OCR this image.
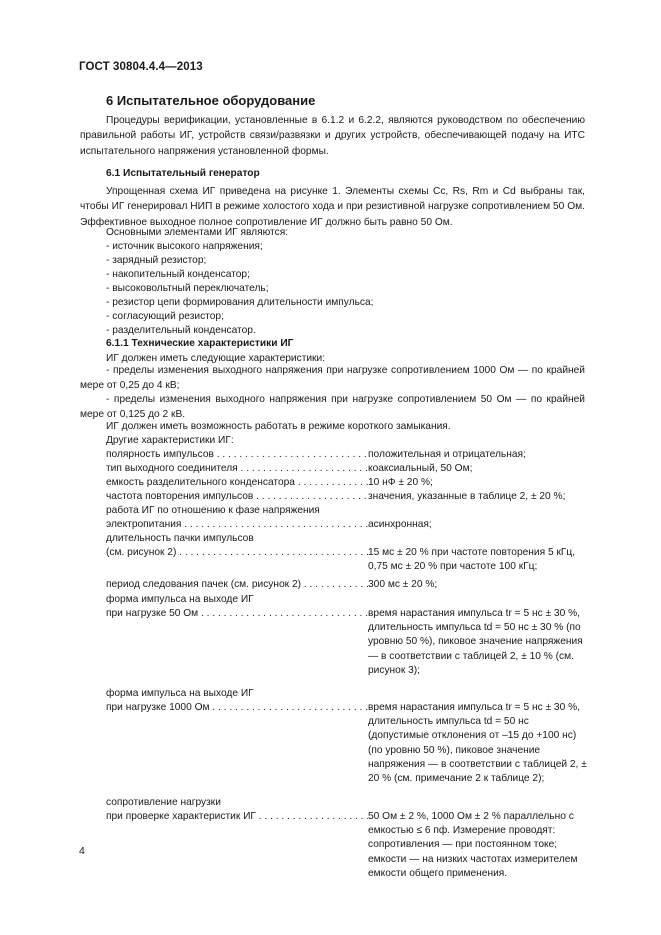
ГОСТ 30804.4.4—2013
6 Испытательное оборудование
Процедуры верификации, установленные в 6.1.2 и 6.2.2, являются руководством по обеспечению правильной работы ИГ, устройств связи/развязки и других устройств, обеспечивающей подачу на ИТС испытательного напряжения установленной формы.
6.1 Испытательный генератор
Упрощенная схема ИГ приведена на рисунке 1. Элементы схемы Cc, Rs, Rm и Cd выбраны так, чтобы ИГ генерировал НИП в режиме холостого хода и при резистивной нагрузке сопротивлением 50 Ом. Эффективное выходное полное сопротивление ИГ должно быть равно 50 Ом.
Основными элементами ИГ являются:
- источник высокого напряжения;
- зарядный резистор;
- накопительный конденсатор;
- высоковольтный переключатель;
- резистор цепи формирования длительности импульса;
- согласующий резистор;
- разделительный конденсатор.
6.1.1 Технические характеристики ИГ
ИГ должен иметь следующие характеристики:
- пределы изменения выходного напряжения при нагрузке сопротивлением 1000 Ом — по крайней мере от 0,25 до 4 кВ;
- пределы изменения выходного напряжения при нагрузке сопротивлением 50 Ом — по крайней мере от 0,125 до 2 кВ.
ИГ должен иметь возможность работать в режиме короткого замыкания.
Другие характеристики ИГ:
полярность импульсов . . .	положительная и отрицательная;
тип выходного соединителя . . .	коаксиальный, 50 Ом;
емкость разделительного конденсатора . . .	10 нФ ± 20 %;
частота повторения импульсов . . .	значения, указанные в таблице 2, ± 20 %;
работа ИГ по отношению к фазе напряжения
электропитания . . .	асинхронная;
длительность пачки импульсов
(см. рисунок 2) . . .	15 мс ± 20 % при частоте повторения 5 кГц, 0,75 мс ± 20 % при частоте 100 кГц;
период следования пачек (см. рисунок 2) . . .	300 мс ± 20 %;
форма импульса на выходе ИГ
при нагрузке 50 Ом . . .	время нарастания импульса tr = 5 нс ± 30 %, длительность импульса td = 50 нс ± 30 % (по уровню 50 %), пиковое значение напряжения — в соответствии с таблицей 2, ± 10 % (см. рисунок 3);
форма импульса на выходе ИГ
при нагрузке 1000 Ом . . .	время нарастания импульса tr = 5 нс ± 30 %, длительность импульса td = 50 нс (допустимые отклонения от –15 до +100 нс) (по уровню 50 %), пиковое значение напряжения — в соответствии с таблицей 2, ± 20 % (см. примечание 2 к таблице 2);
сопротивление нагрузки
при проверке характеристик ИГ . . .	50 Ом ± 2 %, 1000 Ом ± 2 % параллельно с емкостью ≤ 6 пф. Измерение проводят: сопротивления — при постоянном токе; емкости — на низких частотах измерителем емкости общего применения.
4
